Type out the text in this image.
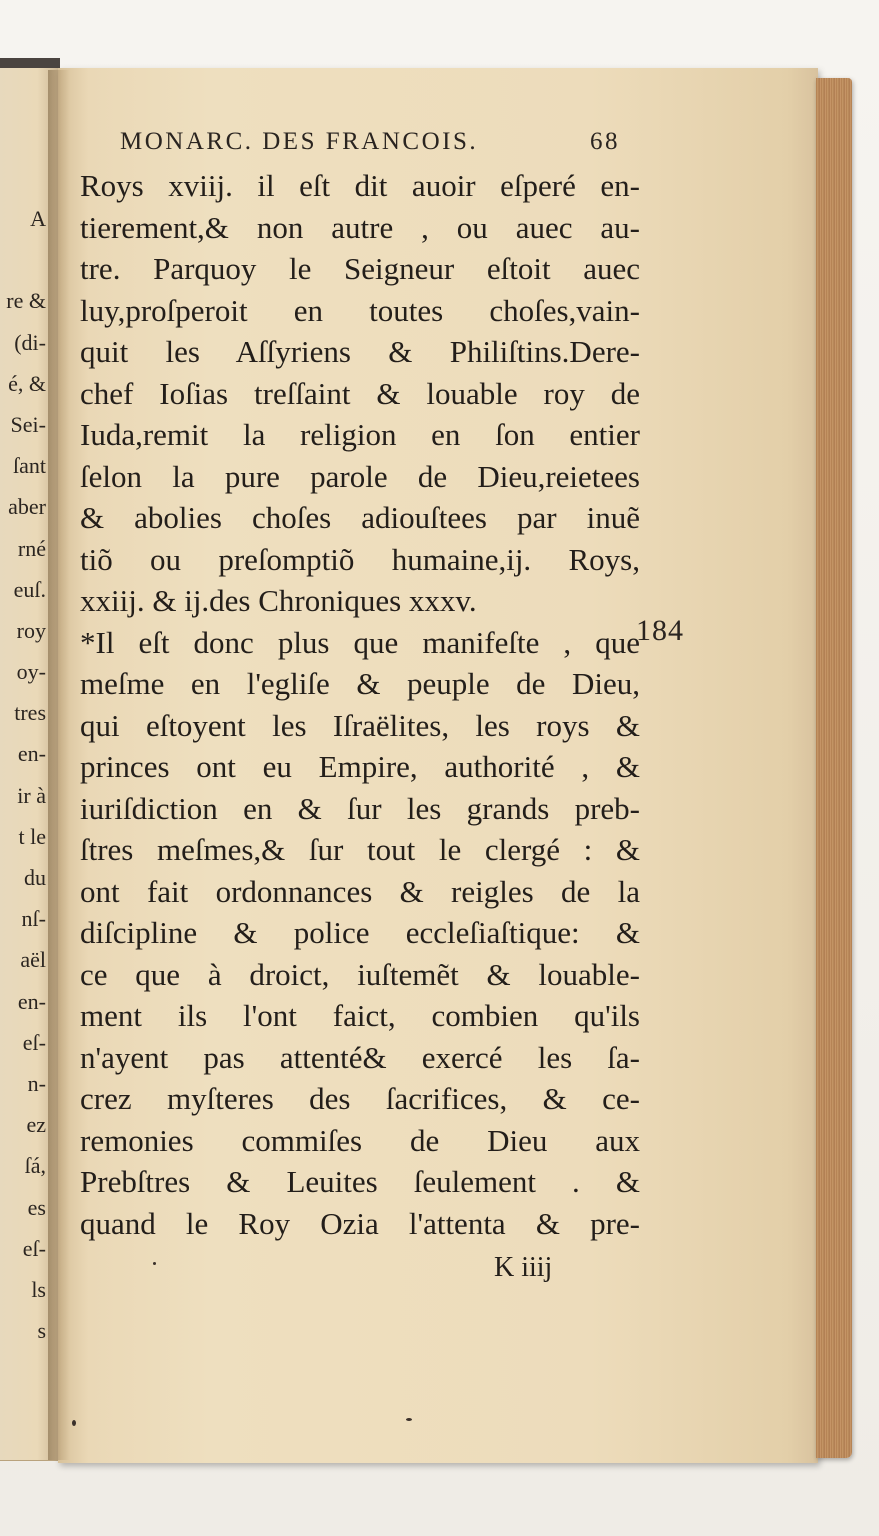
A
re &
(di-
é, &
Sei-
ſant
aber
rné
euſ.
roy
oy-
tres
en-
ir à
t le
du
nſ-
aël
en-
eſ-
n-
ez
ſá,
es
eſ-
ls
s
MONARC. DES FRANCOIS.	68
Roys xviij. il eſt dit auoir eſperé en-
tierement,& non autre , ou auec au-
tre. Parquoy le Seigneur eſtoit auec
luy,proſperoit en toutes choſes,vain-
quit les Aſſyriens & Philiſtins.Dere-
chef Ioſias treſſaint & louable roy de
Iuda,remit la religion en ſon entier
ſelon la pure parole de Dieu,reietees
& abolies choſes adiouſtees par inuẽ
tiõ ou preſomptiõ humaine,ij. Roys,
xxiij. & ij.des Chroniques xxxv.
*Il eſt donc plus que manifeſte , que
meſme en l'egliſe & peuple de Dieu,
qui eſtoyent les Iſraëlites, les roys &
princes ont eu Empire, authorité , &
iuriſdiction en & ſur les grands preb-
ſtres meſmes,& ſur tout le clergé : &
ont fait ordonnances & reigles de la
diſcipline & police eccleſiaſtique: &
ce que à droict, iuſtemẽt & louable-
ment ils l'ont faict, combien qu'ils
n'ayent pas attenté& exercé les ſa-
crez myſteres des ſacrifices, & ce-
remonies commiſes de Dieu aux
Prebſtres & Leuites ſeulement . &
quand le Roy Ozia l'attenta & pre-
184
K iiij
